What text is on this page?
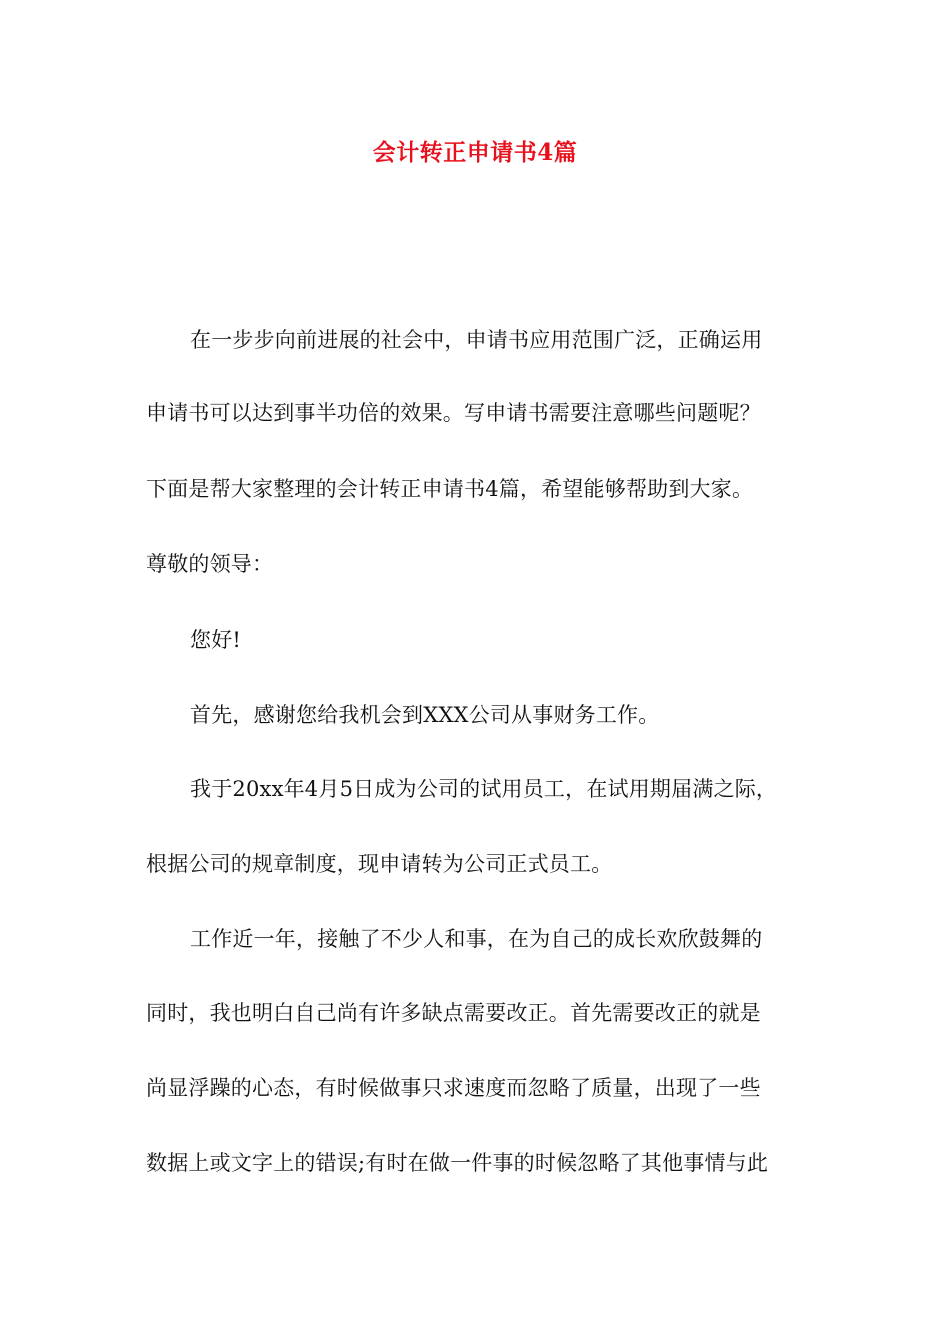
会计转正申请书4篇
在一步步向前进展的社会中，申请书应用范围广泛，正确运用
申请书可以达到事半功倍的效果。写申请书需要注意哪些问题呢？
下面是帮大家整理的会计转正申请书4篇，希望能够帮助到大家。
尊敬的领导：
您好!
首先，感谢您给我机会到XXX公司从事财务工作。
我于20xx年4月5日成为公司的试用员工，在试用期届满之际，
根据公司的规章制度，现申请转为公司正式员工。
工作近一年，接触了不少人和事，在为自己的成长欢欣鼓舞的
同时，我也明白自己尚有许多缺点需要改正。首先需要改正的就是
尚显浮躁的心态，有时候做事只求速度而忽略了质量，出现了一些
数据上或文字上的错误;有时在做一件事的时候忽略了其他事情与此
